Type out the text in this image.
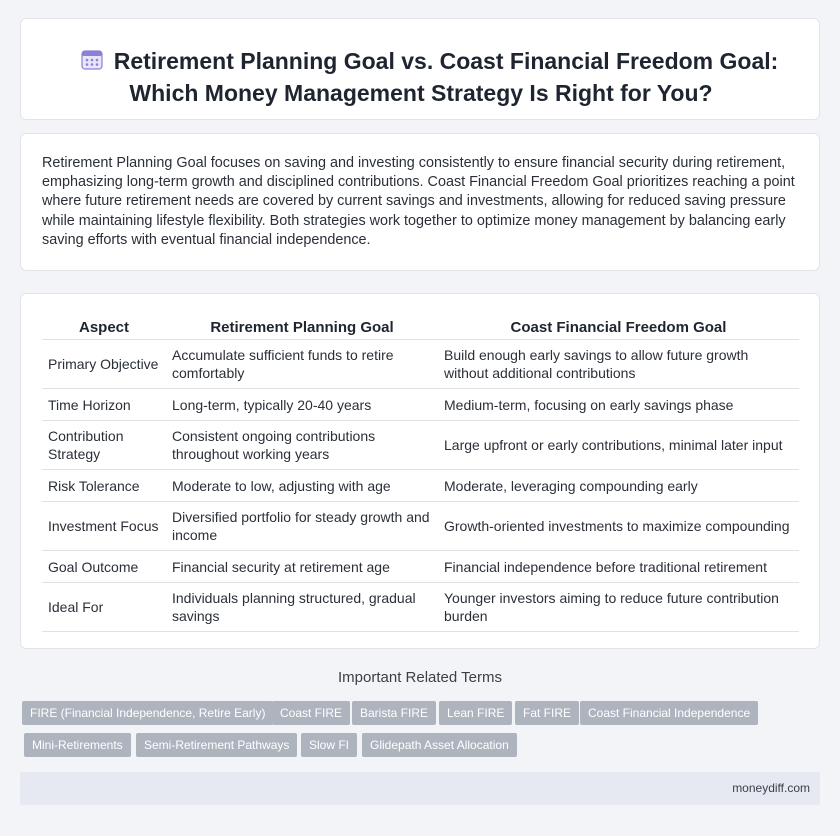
Retirement Planning Goal vs. Coast Financial Freedom Goal:
Which Money Management Strategy Is Right for You?

Retirement Planning Goal focuses on saving and investing consistently to ensure financial security during retirement, emphasizing long-term growth and disciplined contributions. Coast Financial Freedom Goal prioritizes reaching a point where future retirement needs are covered by current savings and investments, allowing for reduced saving pressure while maintaining lifestyle flexibility. Both strategies work together to optimize money management by balancing early saving efforts with eventual financial independence.

Aspect	Retirement Planning Goal	Coast Financial Freedom Goal
Primary Objective	Accumulate sufficient funds to retire comfortably	Build enough early savings to allow future growth without additional contributions
Time Horizon	Long-term, typically 20-40 years	Medium-term, focusing on early savings phase
Contribution Strategy	Consistent ongoing contributions throughout working years	Large upfront or early contributions, minimal later input
Risk Tolerance	Moderate to low, adjusting with age	Moderate, leveraging compounding early
Investment Focus	Diversified portfolio for steady growth and income	Growth-oriented investments to maximize compounding
Goal Outcome	Financial security at retirement age	Financial independence before traditional retirement
Ideal For	Individuals planning structured, gradual savings	Younger investors aiming to reduce future contribution burden
Important Related Terms
FIRE (Financial Independence, Retire Early)	Coast FIRE	Barista FIRE	Lean FIRE	Fat FIRE	Coast Financial Independence
Mini-Retirements	Semi-Retirement Pathways	Slow FI	Glidepath Asset Allocation
moneydiff.com
